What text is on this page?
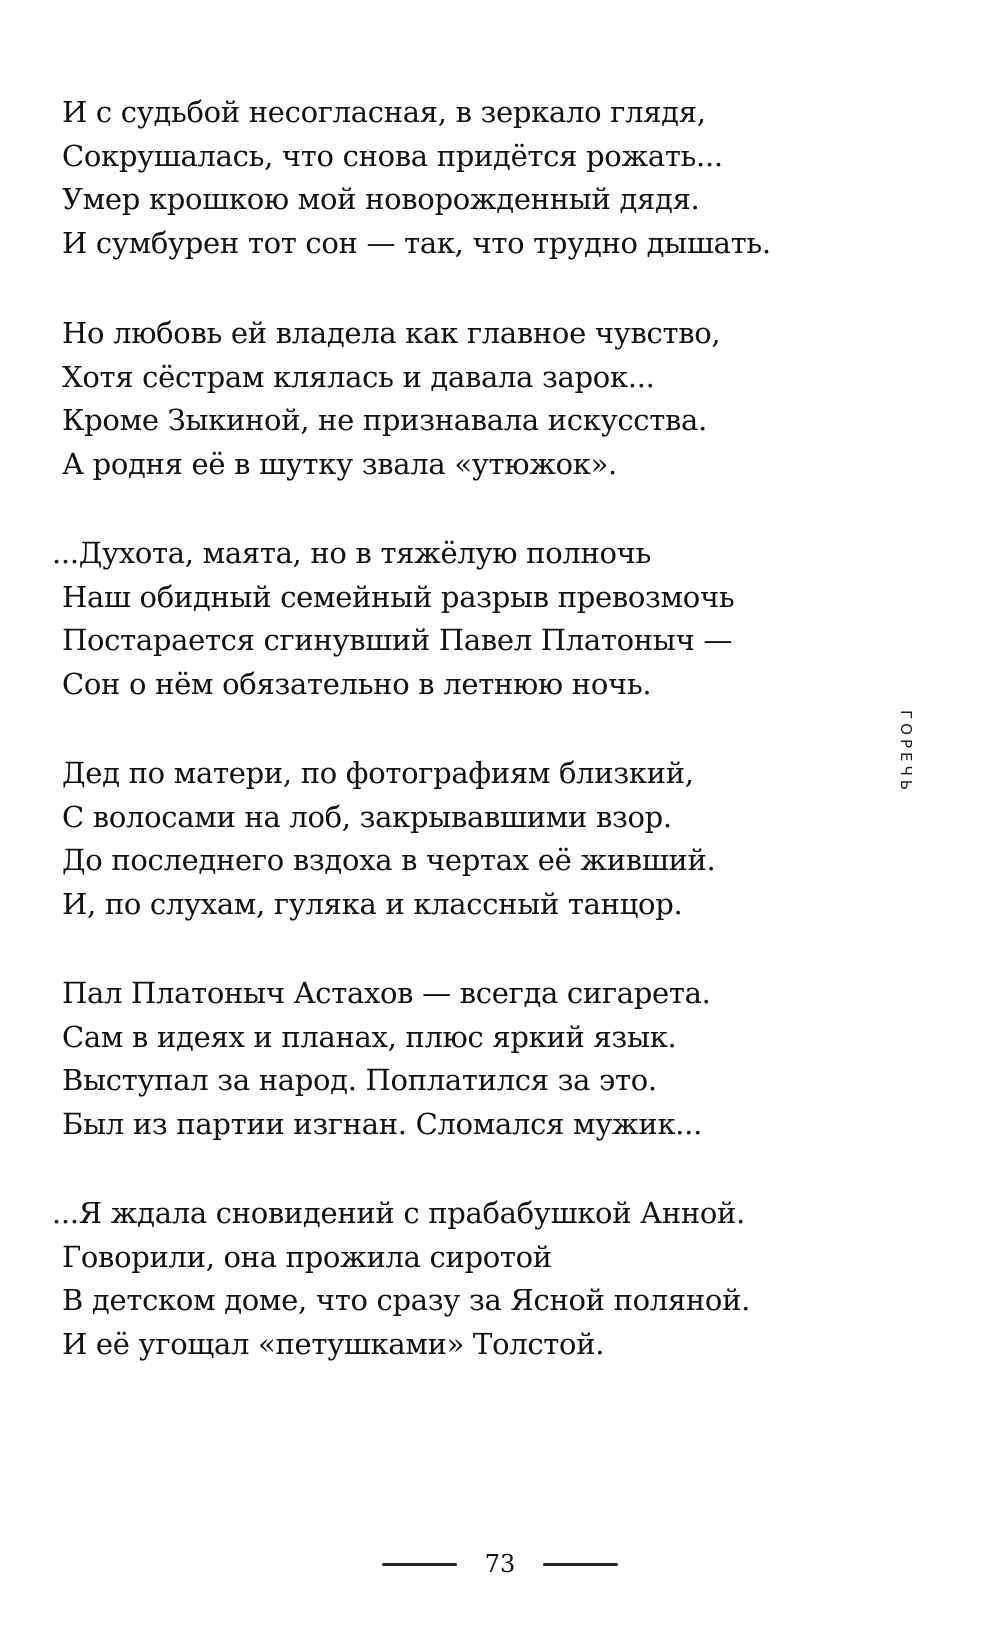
И с судьбой несогласная, в зеркало глядя,
Сокрушалась, что снова придётся рожать...
Умер крошкою мой новорожденный дядя.
И сумбурен тот сон — так, что трудно дышать.
Но любовь ей владела как главное чувство,
Хотя сёстрам клялась и давала зарок...
Кроме Зыкиной, не признавала искусства.
А родня её в шутку звала «утюжок».
...Духота, маята, но в тяжёлую полночь
Наш обидный семейный разрыв превозмочь
Постарается сгинувший Павел Платоныч —
Сон о нём обязательно в летнюю ночь.
Дед по матери, по фотографиям близкий,
С волосами на лоб, закрывавшими взор.
До последнего вздоха в чертах её живший.
И, по слухам, гуляка и классный танцор.
Пал Платоныч Астахов — всегда сигарета.
Сам в идеях и планах, плюс яркий язык.
Выступал за народ. Поплатился за это.
Был из партии изгнан. Сломался мужик...
...Я ждала сновидений с прабабушкой Анной.
Говорили, она прожила сиротой
В детском доме, что сразу за Ясной поляной.
И её угощал «петушками» Толстой.
ГОРЕЧЬ
73
